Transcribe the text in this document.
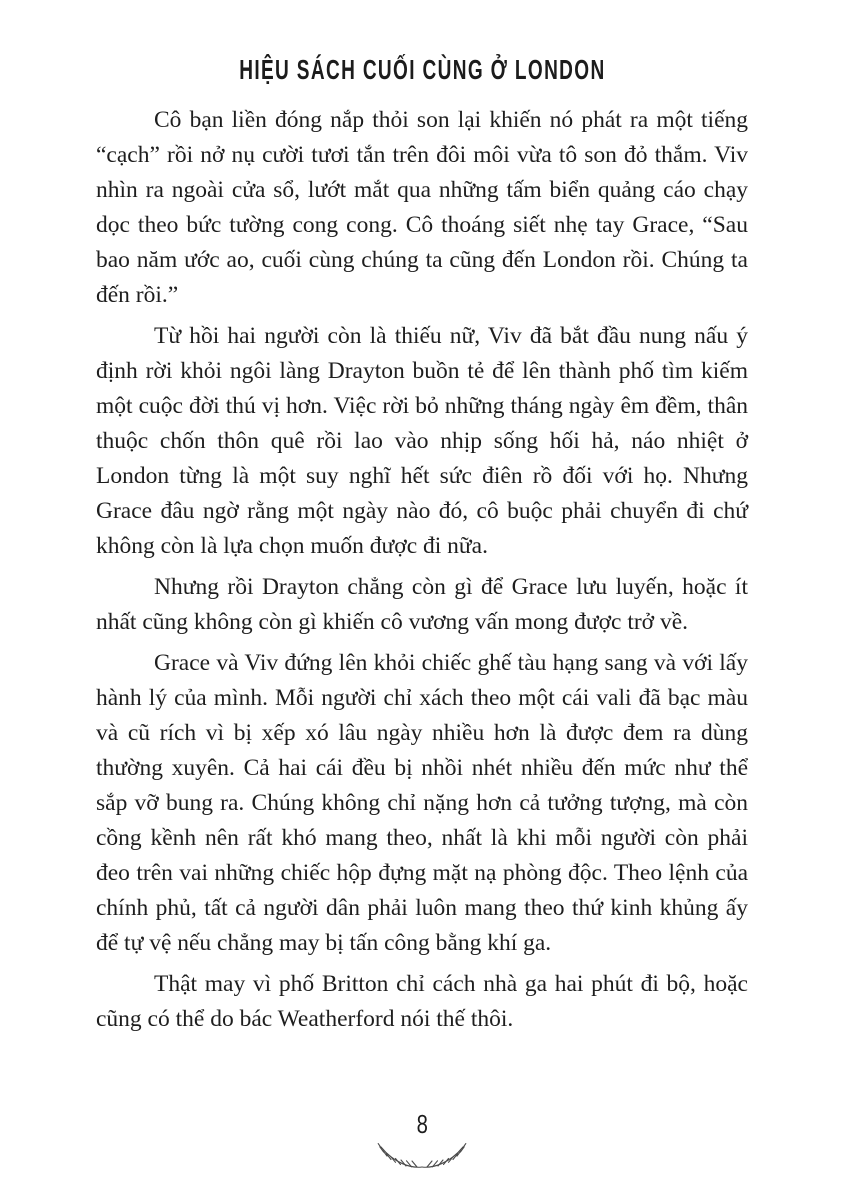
HIỆU SÁCH CUỐI CÙNG Ở LONDON

Cô bạn liền đóng nắp thỏi son lại khiến nó phát ra một tiếng “cạch” rồi nở nụ cười tươi tắn trên đôi môi vừa tô son đỏ thắm. Viv nhìn ra ngoài cửa sổ, lướt mắt qua những tấm biển quảng cáo chạy dọc theo bức tường cong cong. Cô thoáng siết nhẹ tay Grace, “Sau bao năm ước ao, cuối cùng chúng ta cũng đến London rồi. Chúng ta đến rồi.”

Từ hồi hai người còn là thiếu nữ, Viv đã bắt đầu nung nấu ý định rời khỏi ngôi làng Drayton buồn tẻ để lên thành phố tìm kiếm một cuộc đời thú vị hơn. Việc rời bỏ những tháng ngày êm đềm, thân thuộc chốn thôn quê rồi lao vào nhịp sống hối hả, náo nhiệt ở London từng là một suy nghĩ hết sức điên rồ đối với họ. Nhưng Grace đâu ngờ rằng một ngày nào đó, cô buộc phải chuyển đi chứ không còn là lựa chọn muốn được đi nữa.

Nhưng rồi Drayton chẳng còn gì để Grace lưu luyến, hoặc ít nhất cũng không còn gì khiến cô vương vấn mong được trở về.

Grace và Viv đứng lên khỏi chiếc ghế tàu hạng sang và với lấy hành lý của mình. Mỗi người chỉ xách theo một cái vali đã bạc màu và cũ rích vì bị xếp xó lâu ngày nhiều hơn là được đem ra dùng thường xuyên. Cả hai cái đều bị nhồi nhét nhiều đến mức như thể sắp vỡ bung ra. Chúng không chỉ nặng hơn cả tưởng tượng, mà còn cồng kềnh nên rất khó mang theo, nhất là khi mỗi người còn phải đeo trên vai những chiếc hộp đựng mặt nạ phòng độc. Theo lệnh của chính phủ, tất cả người dân phải luôn mang theo thứ kinh khủng ấy để tự vệ nếu chẳng may bị tấn công bằng khí ga.

Thật may vì phố Britton chỉ cách nhà ga hai phút đi bộ, hoặc cũng có thể do bác Weatherford nói thế thôi.

8
